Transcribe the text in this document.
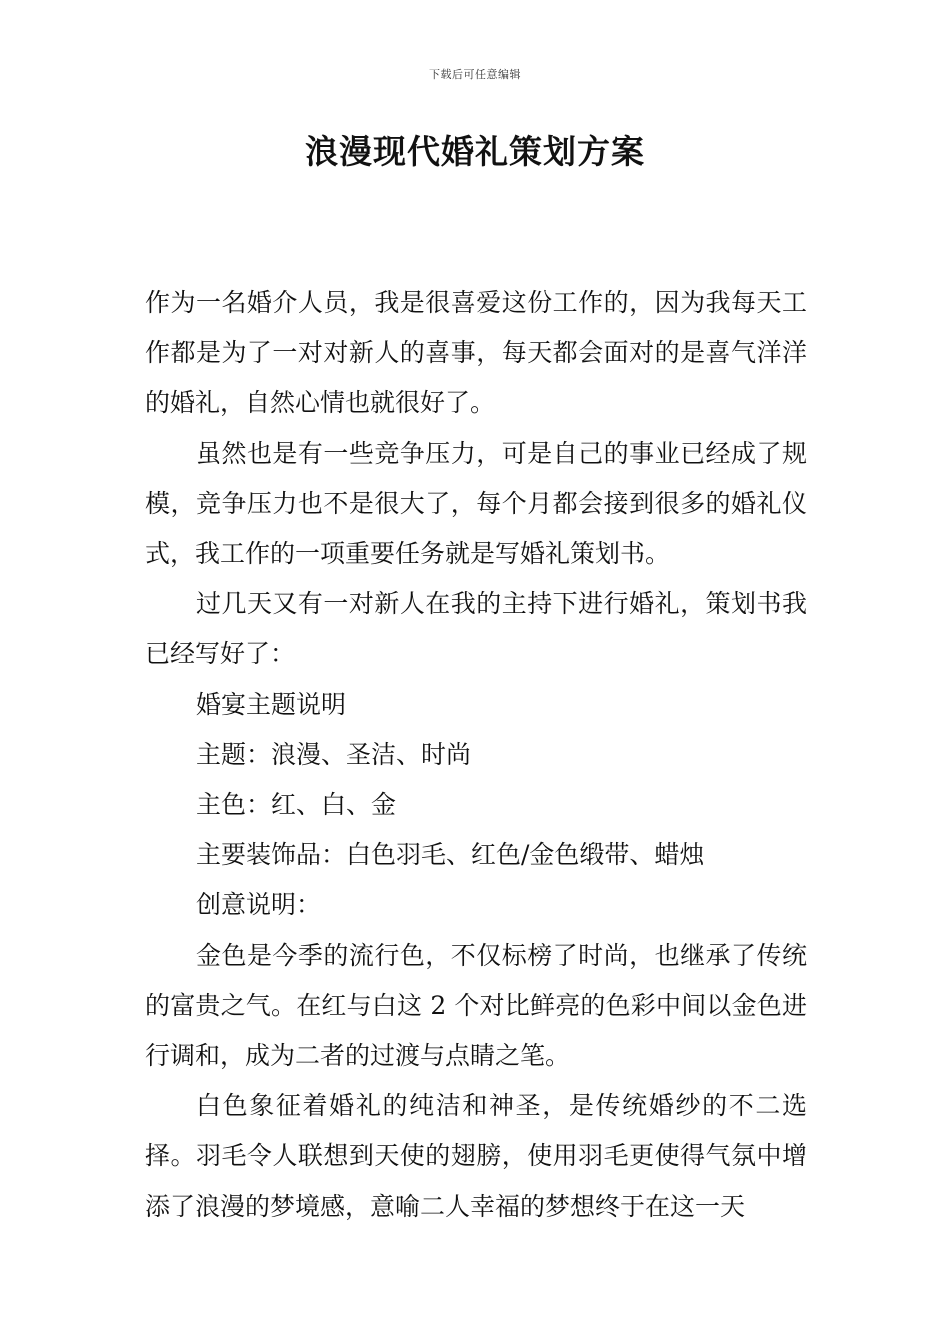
下载后可任意编辑
浪漫现代婚礼策划方案

作为一名婚介人员，我是很喜爱这份工作的，因为我每天工作都是为了一对对新人的喜事，每天都会面对的是喜气洋洋的婚礼，自然心情也就很好了。

虽然也是有一些竞争压力，可是自己的事业已经成了规模，竞争压力也不是很大了，每个月都会接到很多的婚礼仪式，我工作的一项重要任务就是写婚礼策划书。

过几天又有一对新人在我的主持下进行婚礼，策划书我已经写好了：

婚宴主题说明

主题：浪漫、圣洁、时尚

主色：红、白、金

主要装饰品：白色羽毛、红色/金色缎带、蜡烛

创意说明：

金色是今季的流行色，不仅标榜了时尚，也继承了传统的富贵之气。在红与白这 2 个对比鲜亮的色彩中间以金色进行调和，成为二者的过渡与点睛之笔。

白色象征着婚礼的纯洁和神圣，是传统婚纱的不二选择。羽毛令人联想到天使的翅膀，使用羽毛更使得气氛中增添了浪漫的梦境感，意喻二人幸福的梦想终于在这一天
